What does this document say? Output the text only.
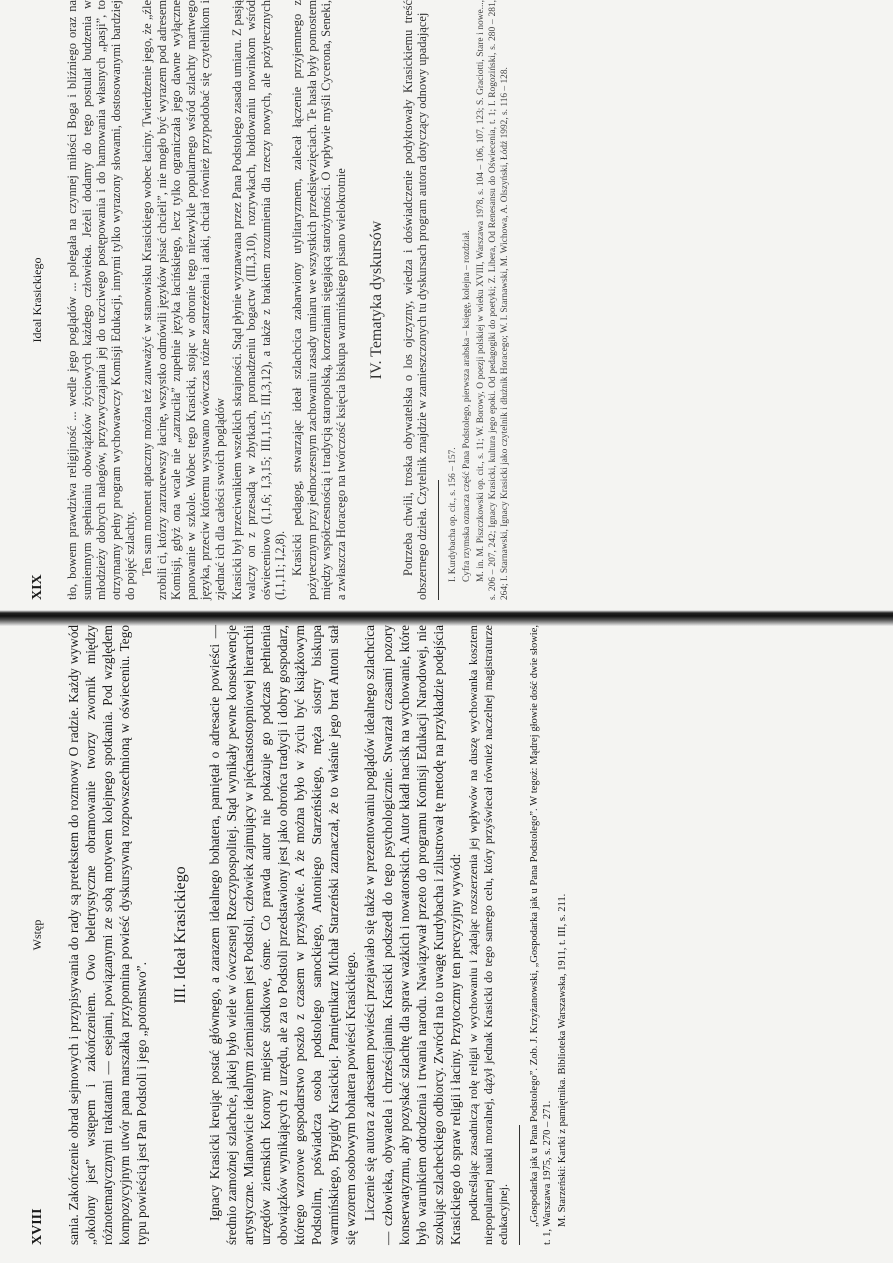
XIX
Ideal Krasickiego tło, bowem prawdziwa religijność ... wedle jego poglądów ... polegała na czynnej miłości Boga i bliźniego oraz na sumiennym spełnianiu obowiązków życiowych każdego człowieka. Jeżeli dodamy do tego postulat budzenia w młodzieży dobrych nałogów, przyzwyczajania jej do uczciwego postępowania i do hamowania własnych „pasji”, to otrzymamy pełny program wychowawczy Komisji Edukacji, innymi tylko wyrazony słowami, dostosowanymi bardziej do pojęć szlachty. Ten sam moment aptaczny można też zauważyć w stanowisku Krasickiego wobec łaciny. Twierdzenie jego, że „źle zrobili ci, którzy zarzucewszy łacinę, wszystko odmówili języków pisać chcieli”, nie mogło być wyrazem pod adresem Komisji, gdyż ona wcale nie „zarzuciła” zupełnie języka łacińskiego, lecz tylko ograniczała jego dawne wyłączne panowanie w szkole. Wobec tego Krasicki, stojąc w obronie tego niezwykle popularnego wśród szlachty martwego języka, przeciw któremu wysuwano wówczas różne zastrzeżenia i ataki, chciał również przypodobać się czytelnikom i zjednać ich dla całości swoich poglądów Krasicki był przeciwnikiem wszelkich skrajności. Stąd płynie wyznawana przez Pana Podstolego zasada umiaru. Z pasją walczy on z przesadą w zbytkach, promadzeniu bogactw (III,3,10), rozrywkach, hołdowaniu nowinkom wśród oświeceniowo (I,1,6; I,3,15; III,1,15; III,3,12), a także z brakiem zrozumienia dla rzeczy nowych, ale pożytecznych (I,1,11; I,2,8). Krasicki pedagog, stwarzając ideał szlachcica zabarwiony utylitaryzmem, zalecał łączenie przyjemnego z pożytecznym przy jednoczesnym zachowaniu zasady umiaru we wszystkich przedsięwzięciach. Te hasła były pomostem między współczesnością i tradycją staropolską, korzeniami sięgającą starożytności. O wpływie myśli Cycerona, Seneki, a zwłaszcza Horacego na twórczość księcia biskupa warmińskiego pisano wielokrotnie IV. Tematyka dyskursów Potrzeba chwili, troska obywatelska o los ojczyzny, wiedza i doświadczenie podyktowały Krasickiemu treść obszernego dzieła. Czytelnik znajdzie w zamieszczonych tu dyskursach program autora dotyczący odnowy upadającej I. Kurdybacha op. cit., s. 156 – 157. Cyfra rzymska oznacza część Pana Podstolego, pierwsza arabska – księgę, kolejna – rozdział. M. in. M. Piszczkowski op. cit., s. 11; W. Borowy, O poezji polskiej w wieku XVIII, Warszawa 1978, s. 104 – 106, 107, 123; S. Graciotti, Stare i nowe..., s. 206 – 207, 242; Ignacy Krasicki, kultura jego epoki. Od pedagogiki do poetyki; Z. Libera, Od Renesansu do Oświecenia, t. 1; I. Rogoziński, s. 280 – 281, 264; I. Starnawski, Ignacy Krasicki jako czytelnik i dłużnik Horacego; W. I. Starnawski, M. Wichowa, A. Olszyński, Łódź 1992, s. 116 – 128.

XVIII
Wstęp sania. Zakończenie obrad sejmowych i przypisywania do rady są pretekstem do rozmowy O radzie. Każdy wywód „okolony jest” wstępem i zakończeniem. Owo beletrystyczne obramowanie tworzy zwornik między różnotematycznymi traktatami — esejami, powiązanymi ze sobą motywem kolejnego spotkania. Pod względem kompozycyjnym utwór pana marszałka przypomina powieść dyskursywną rozpowszechnioną w oświeceniu. Tego typu powieścią jest Pan Podstoli i jego „potomstwo”.

III. Ideał Krasickiego Ignacy Krasicki kreując postać głównego, a zarazem idealnego bohatera, pamiętał o adresacie powieści — średnio zamożnej szlachcie, jakiej było wiele w ówczesnej Rzeczypospolitej. Stąd wynikały pewne konsekwencje artystyczne. Mianowicie idealnym ziemianinem jest Podstoli, człowiek zajmujący w pięćnastostopniowej hierarchii urzędów ziemskich Korony miejsce środkowe, ósme. Co prawda autor nie pokazuje go podczas pełnienia obowiązków wynikających z urzędu, ale za to Podstoli przedstawiony jest jako obrońca tradycji i dobry gospodarz, którego wzorowe gospodarstwo poszło z czasem w przysłowie. A że można było w życiu być książkowym Podstolim, poświadcza osoba podstolego sanockiego, Antoniego Starzeńskiego, męża siostry biskupa warmińskiego, Brygidy Krasickiej. Pamiętnikarz Michał Starzeński zaznaczał, że to właśnie jego brat Antoni stał się wzorem osobowym bohatera powieści Krasickiego. Liczenie się autora z adresatem powieści przejawiało się także w prezentowaniu poglądów idealnego szlachcica — człowieka, obywatela i chrześcijanina. Krasicki podszedł do tego psychologicznie. Stwarzał czasami pozory konserwatyzmu, aby pozyskać szlachtę dla spraw ważkich i nowatorskich. Autor kładł nacisk na wychowanie, które było warunkiem odrodzenia i trwania narodu. Nawiązywał przeto do programu Komisji Edukacji Narodowej, nie szokując szlacheckiego odbiorcy. Zwrócił na to uwagę Kurdybacha i zilustrował tę metodę na przykładzie podejścia Krasickiego do spraw religii i łaciny. Przytoczmy ten precyzyjny wywód: podkreślając zasadniczą rolę religii w wychowaniu i żądając rozszerzenia jej wpływów na duszę wychowanka kosztem niepopularnej nauki moralnej, dążył jednak Krasicki do tego samego celu, który przyświecał również naczelnej magistraturze edukacyjnej. „Gospodarka jak u Pana Podstolego”. Zob. J. Krzyżanowski, „Gospodarka jak u Pana Podstolego”. W tegoż: Mądrej głowie dość dwie słowie, t. 1, Warszawa 1975, s. 270 – 271. M. Starzeński: Kartki z pamiętnika. Biblioteka Warszawska, 1911, t. III, s. 211.
